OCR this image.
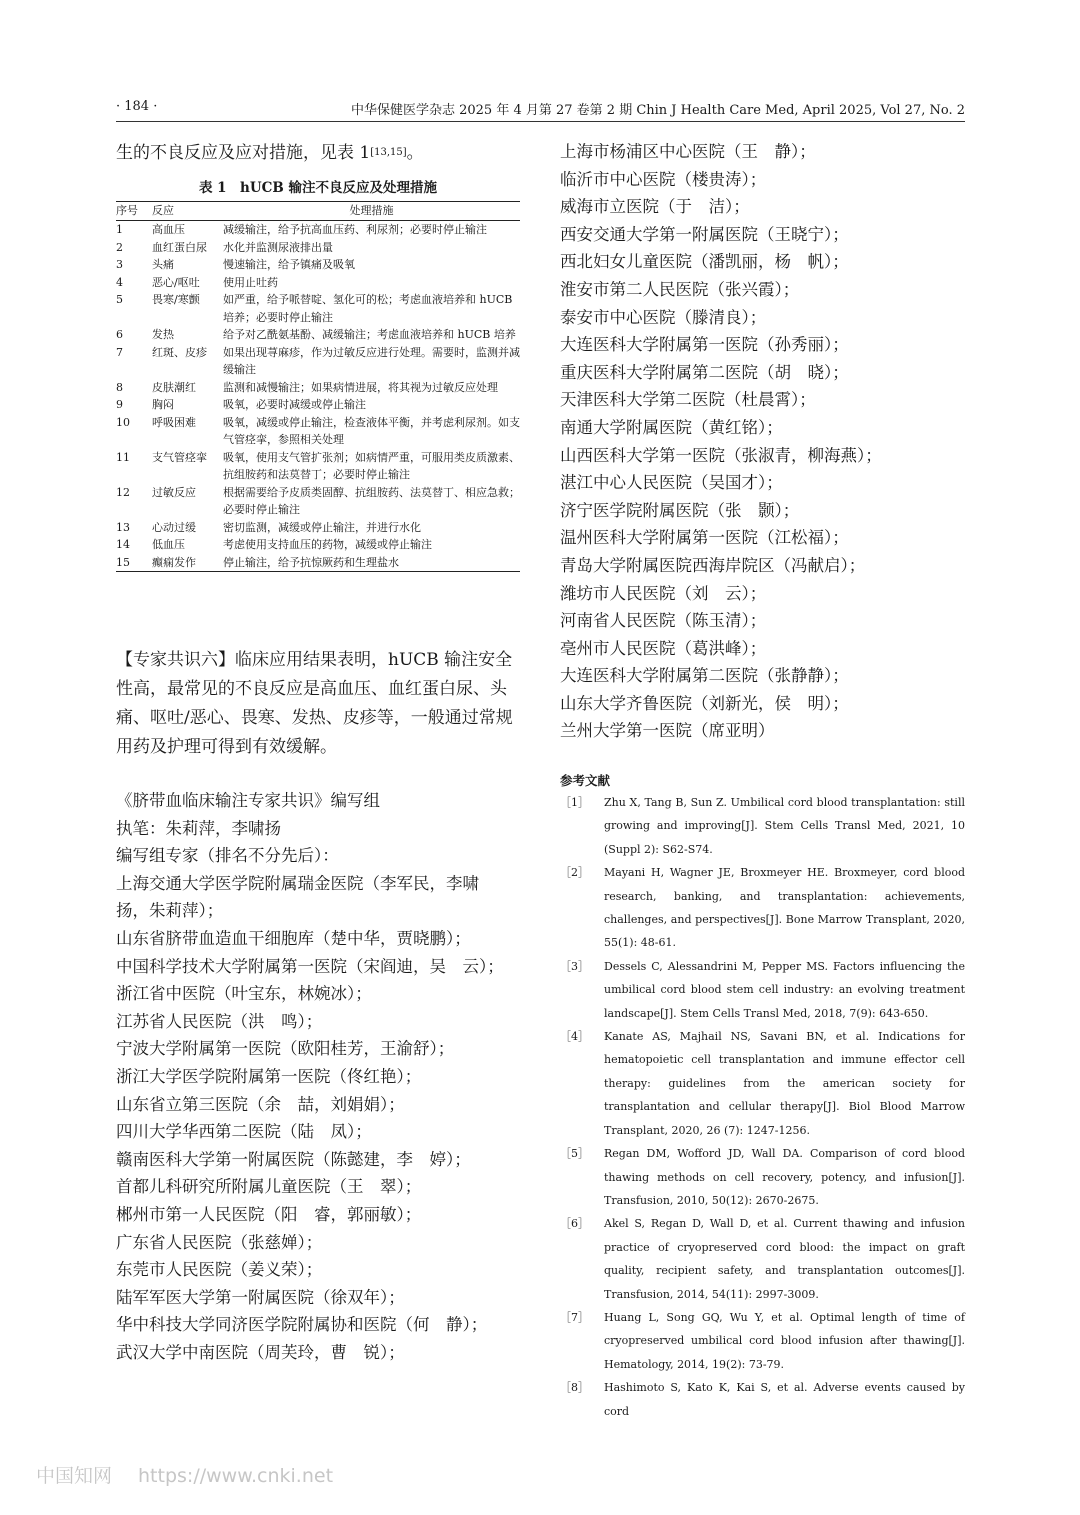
· 184 ·	中华保健医学杂志 2025 年 4 月第 27 卷第 2 期 Chin J Health Care Med, April 2025, Vol 27, No. 2
生的不良反应及应对措施，见表 1[13,15]。
表 1　hUCB 输注不良反应及处理措施
序号	反应	处理措施
1	高血压	减缓输注，给予抗高血压药、利尿剂；必要时停止输注
2	血红蛋白尿	水化并监测尿液排出量
3	头痛	慢速输注，给予镇痛及吸氧
4	恶心/呕吐	使用止吐药
5	畏寒/寒颤	如严重，给予哌替啶、氢化可的松；考虑血液培养和 hUCB 培养；必要时停止输注
6	发热	给予对乙酰氨基酚、减缓输注；考虑血液培养和 hUCB 培养
7	红斑、皮疹	如果出现荨麻疹，作为过敏反应进行处理。需要时，监测并减缓输注
8	皮肤潮红	监测和减慢输注；如果病情进展，将其视为过敏反应处理
9	胸闷	吸氧，必要时减缓或停止输注
10	呼吸困难	吸氧，减缓或停止输注，检查液体平衡，并考虑利尿剂。如支气管痉挛，参照相关处理
11	支气管痉挛	吸氧，使用支气管扩张剂；如病情严重，可服用类皮质激素、抗组胺药和法莫替丁；必要时停止输注
12	过敏反应	根据需要给予皮质类固醇、抗组胺药、法莫替丁、相应急救；必要时停止输注
13	心动过缓	密切监测，减缓或停止输注，并进行水化
14	低血压	考虑使用支持血压的药物，减缓或停止输注
15	癫痫发作	停止输注，给予抗惊厥药和生理盐水
【专家共识六】临床应用结果表明，hUCB 输注安全性高，最常见的不良反应是高血压、血红蛋白尿、头痛、呕吐/恶心、畏寒、发热、皮疹等，一般通过常规用药及护理可得到有效缓解。
《脐带血临床输注专家共识》编写组
执笔：朱莉萍，李啸扬
编写组专家（排名不分先后）：
上海交通大学医学院附属瑞金医院（李军民，李啸
扬，朱莉萍）；
山东省脐带血造血干细胞库（楚中华，贾晓鹏）；
中国科学技术大学附属第一医院（宋阎迪，吴　云）；
浙江省中医院（叶宝东，林婉冰）；
江苏省人民医院（洪　鸣）；
宁波大学附属第一医院（欧阳桂芳，王渝舒）；
浙江大学医学院附属第一医院（佟红艳）；
山东省立第三医院（余　喆，刘娟娟）；
四川大学华西第二医院（陆　凤）；
赣南医科大学第一附属医院（陈懿建，李　婷）；
首都儿科研究所附属儿童医院（王　翠）；
郴州市第一人民医院（阳　睿，郭丽敏）；
广东省人民医院（张慈婵）；
东莞市人民医院（姜义荣）；
陆军军医大学第一附属医院（徐双年）；
华中科技大学同济医学院附属协和医院（何　静）；
武汉大学中南医院（周芙玲，曹　锐）；
上海市杨浦区中心医院（王　静）；
临沂市中心医院（楼贵涛）；
威海市立医院（于　洁）；
西安交通大学第一附属医院（王晓宁）；
西北妇女儿童医院（潘凯丽，杨　帆）；
淮安市第二人民医院（张兴霞）；
泰安市中心医院（滕清良）；
大连医科大学附属第一医院（孙秀丽）；
重庆医科大学附属第二医院（胡　晓）；
天津医科大学第二医院（杜晨霄）；
南通大学附属医院（黄红铭）；
山西医科大学第一医院（张淑青，柳海燕）；
湛江中心人民医院（吴国才）；
济宁医学院附属医院（张　颢）；
温州医科大学附属第一医院（江松福）；
青岛大学附属医院西海岸院区（冯献启）；
潍坊市人民医院（刘　云）；
河南省人民医院（陈玉清）；
亳州市人民医院（葛洪峰）；
大连医科大学附属第二医院（张静静）；
山东大学齐鲁医院（刘新光，侯　明）；
兰州大学第一医院（席亚明）
参考文献
［1］	Zhu X, Tang B, Sun Z. Umbilical cord blood transplantation: still growing and improving[J]. Stem Cells Transl Med, 2021, 10 (Suppl 2): S62-S74.
［2］	Mayani H, Wagner JE, Broxmeyer HE. Broxmeyer, cord blood research, banking, and transplantation: achievements, challenges, and perspectives[J]. Bone Marrow Transplant, 2020, 55(1): 48-61.
［3］	Dessels C, Alessandrini M, Pepper MS. Factors influencing the umbilical cord blood stem cell industry: an evolving treatment landscape[J]. Stem Cells Transl Med, 2018, 7(9): 643-650.
［4］	Kanate AS, Majhail NS, Savani BN, et al. Indications for hematopoietic cell transplantation and immune effector cell therapy: guidelines from the american society for transplantation and cellular therapy[J]. Biol Blood Marrow Transplant, 2020, 26 (7): 1247-1256.
［5］	Regan DM, Wofford JD, Wall DA. Comparison of cord blood thawing methods on cell recovery, potency, and infusion[J]. Transfusion, 2010, 50(12): 2670-2675.
［6］	Akel S, Regan D, Wall D, et al. Current thawing and infusion practice of cryopreserved cord blood: the impact on graft quality, recipient safety, and transplantation outcomes[J]. Transfusion, 2014, 54(11): 2997-3009.
［7］	Huang L, Song GQ, Wu Y, et al. Optimal length of time of cryopreserved umbilical cord blood infusion after thawing[J]. Hematology, 2014, 19(2): 73-79.
［8］	Hashimoto S, Kato K, Kai S, et al. Adverse events caused by cord
中国知网 https://www.cnki.net
